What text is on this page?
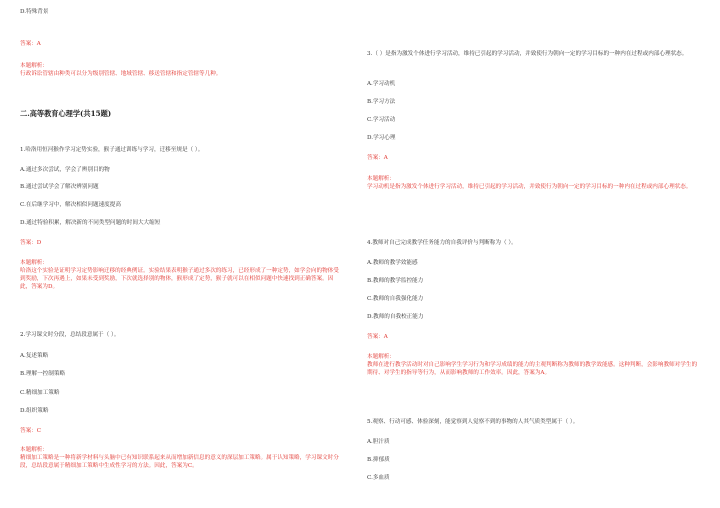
D.特殊背景
答案：A
本题解析：
行政诉讼管辖由种类可以分为级别管辖、地域管辖、移送管辖和指定管辖等几种。
二.高等教育心理学(共15题)
1.哈洛用恒河猴作学习定势实验，猴子通过训练与学习，迁移至规是（ ）。
A.通过多次尝试，学会了辨别目的物
B.通过尝试学会了解决辨别问题
C.在后继学习中，解决相似问题速度提高
D.通过特验积累，解决新的不同类型问题的时间大大缩短
答案：D
本题解析：
哈洛这个实验是证明学习定势影响迁移的经典例证。实验结果表明猴子通过多次的练习，已经形成了一种定势，如学会向的物体受到奖励，下次再遇上，如果未受到奖励，下次就选择别的物体，猴形成了定势，猴子就可以在相似问题中快速找到正确答案。因此，答案为D。
2.学习课文时分段，总结段意属于（ ）。
A.复述策略
B.理解一控制策略
C.精细加工策略
D.组织策略
答案：C
本题解析：
精细加工策略是一种将新学材料与头脑中已有知识联系起来从而增加新信息的意义的深层加工策略。属于认知策略，学习课文时分段，总结段意属于精细加工策略中生成性学习的方法。因此，答案为C。
3.（ ）是指为激发个体进行学习活动，维持已引起的学习活动，并致使行为朝向一定的学习目标的一种内在过程或内部心理状态。
A.学习动机
B.学习方法
C.学习活动
D.学习心理
答案：A
本题解析：
学习动机是指为激发个体进行学习活动，维持已引起的学习活动，并致使行为朝向一定的学习目标的一种内在过程或内部心理状态。
4.教师对自己完成教学任务能力的自我评价与判断称为（ ）。
A.教师的教学效能感
B.教师的教学监控能力
C.教师的自我强化能力
D.教师的自我校正能力
答案：A
本题解析：
教师在进行教学活动时对自己影响学生学习行为和学习成绩的能力的主观判断称为教师的教学效能感。这种判断，会影响教师对学生的期待、对学生的指导等行为，从而影响教师的工作效率。因此，答案为A。
5.观察、行动可感、体验深刻，能觉察到人觉察不到的事物的人其气质类型属于（ ）。
A.胆汁质
B.抑郁质
C.多血质
